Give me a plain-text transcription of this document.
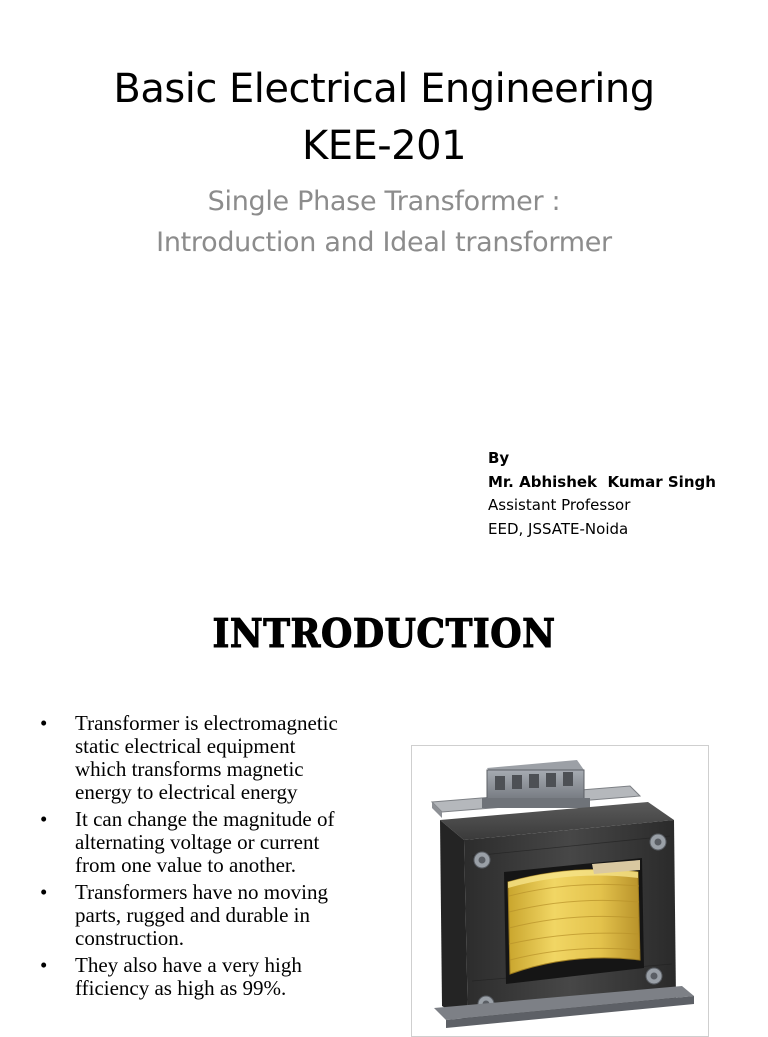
Basic Electrical Engineering
KEE-201
Single Phase Transformer :
Introduction and Ideal transformer
By
Mr. Abhishek  Kumar Singh
Assistant Professor
EED, JSSATE-Noida
INTRODUCTION
• Transformer is electromagnetic
static electrical equipment
which transforms magnetic
energy to electrical energy
• It can change the magnitude of
alternating voltage or current
from one value to another.
• Transformers have no moving
parts, rugged and durable in
construction.
• They also have a very high
fficiency as high as 99%.
